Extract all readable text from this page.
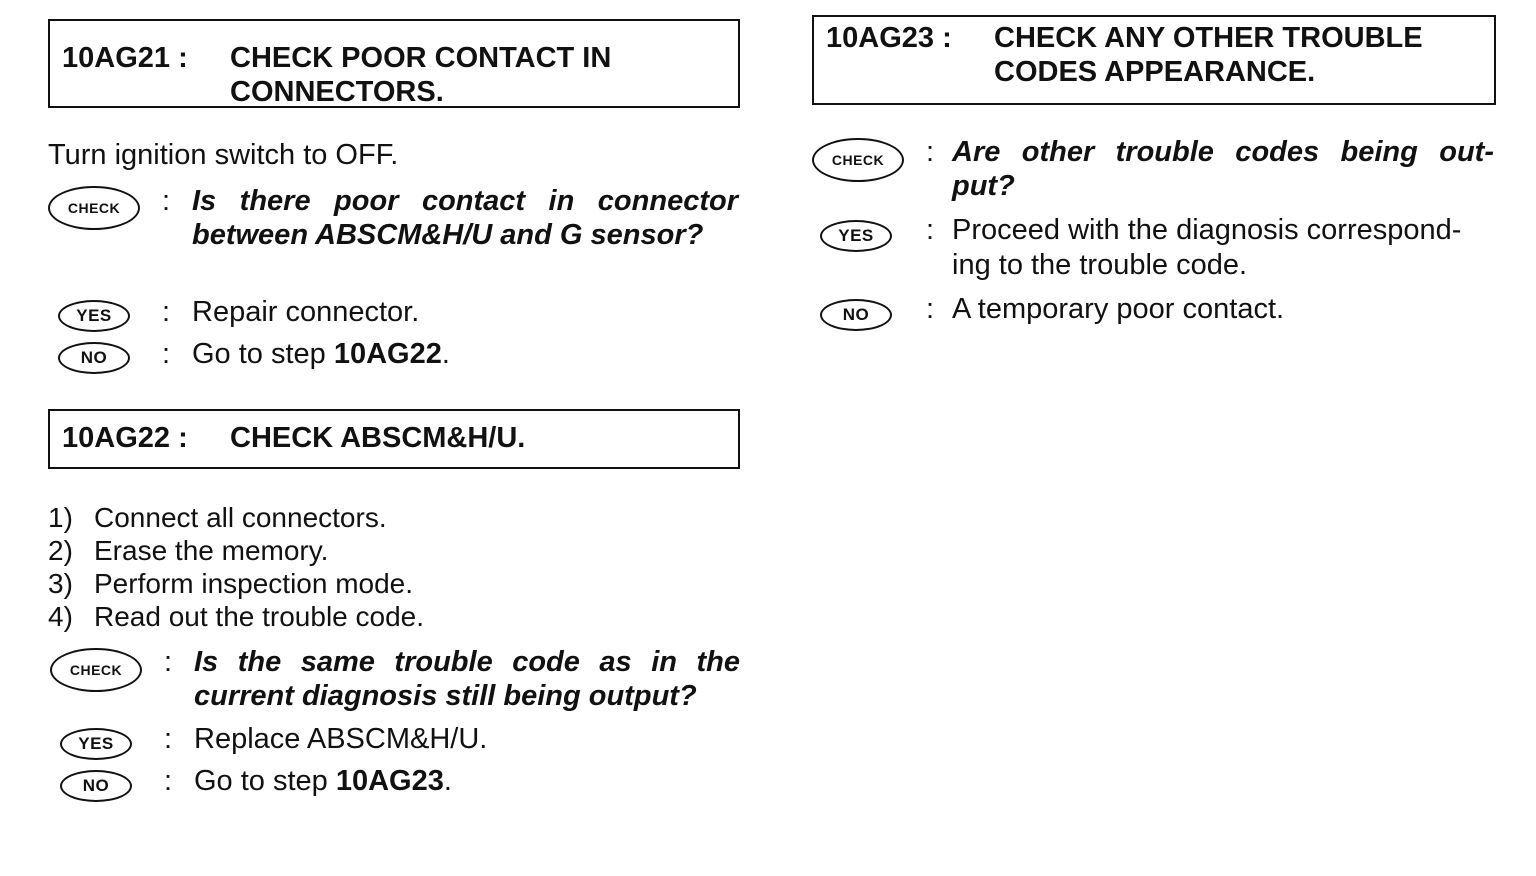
10AG21 : CHECK POOR CONTACT IN
CONNECTORS.
Turn ignition switch to OFF.
CHECK : Is there poor contact in connector
between ABSCM&H/U and G sensor?
YES : Repair connector.
NO : Go to step 10AG22.
10AG22 : CHECK ABSCM&H/U.
1) Connect all connectors.
2) Erase the memory.
3) Perform inspection mode.
4) Read out the trouble code.
CHECK : Is the same trouble code as in the
current diagnosis still being output?
YES : Replace ABSCM&H/U.
NO : Go to step 10AG23.
10AG23 : CHECK ANY OTHER TROUBLE
CODES APPEARANCE.
CHECK : Are other trouble codes being out-
put?
YES : Proceed with the diagnosis correspond-
ing to the trouble code.
NO : A temporary poor contact.
